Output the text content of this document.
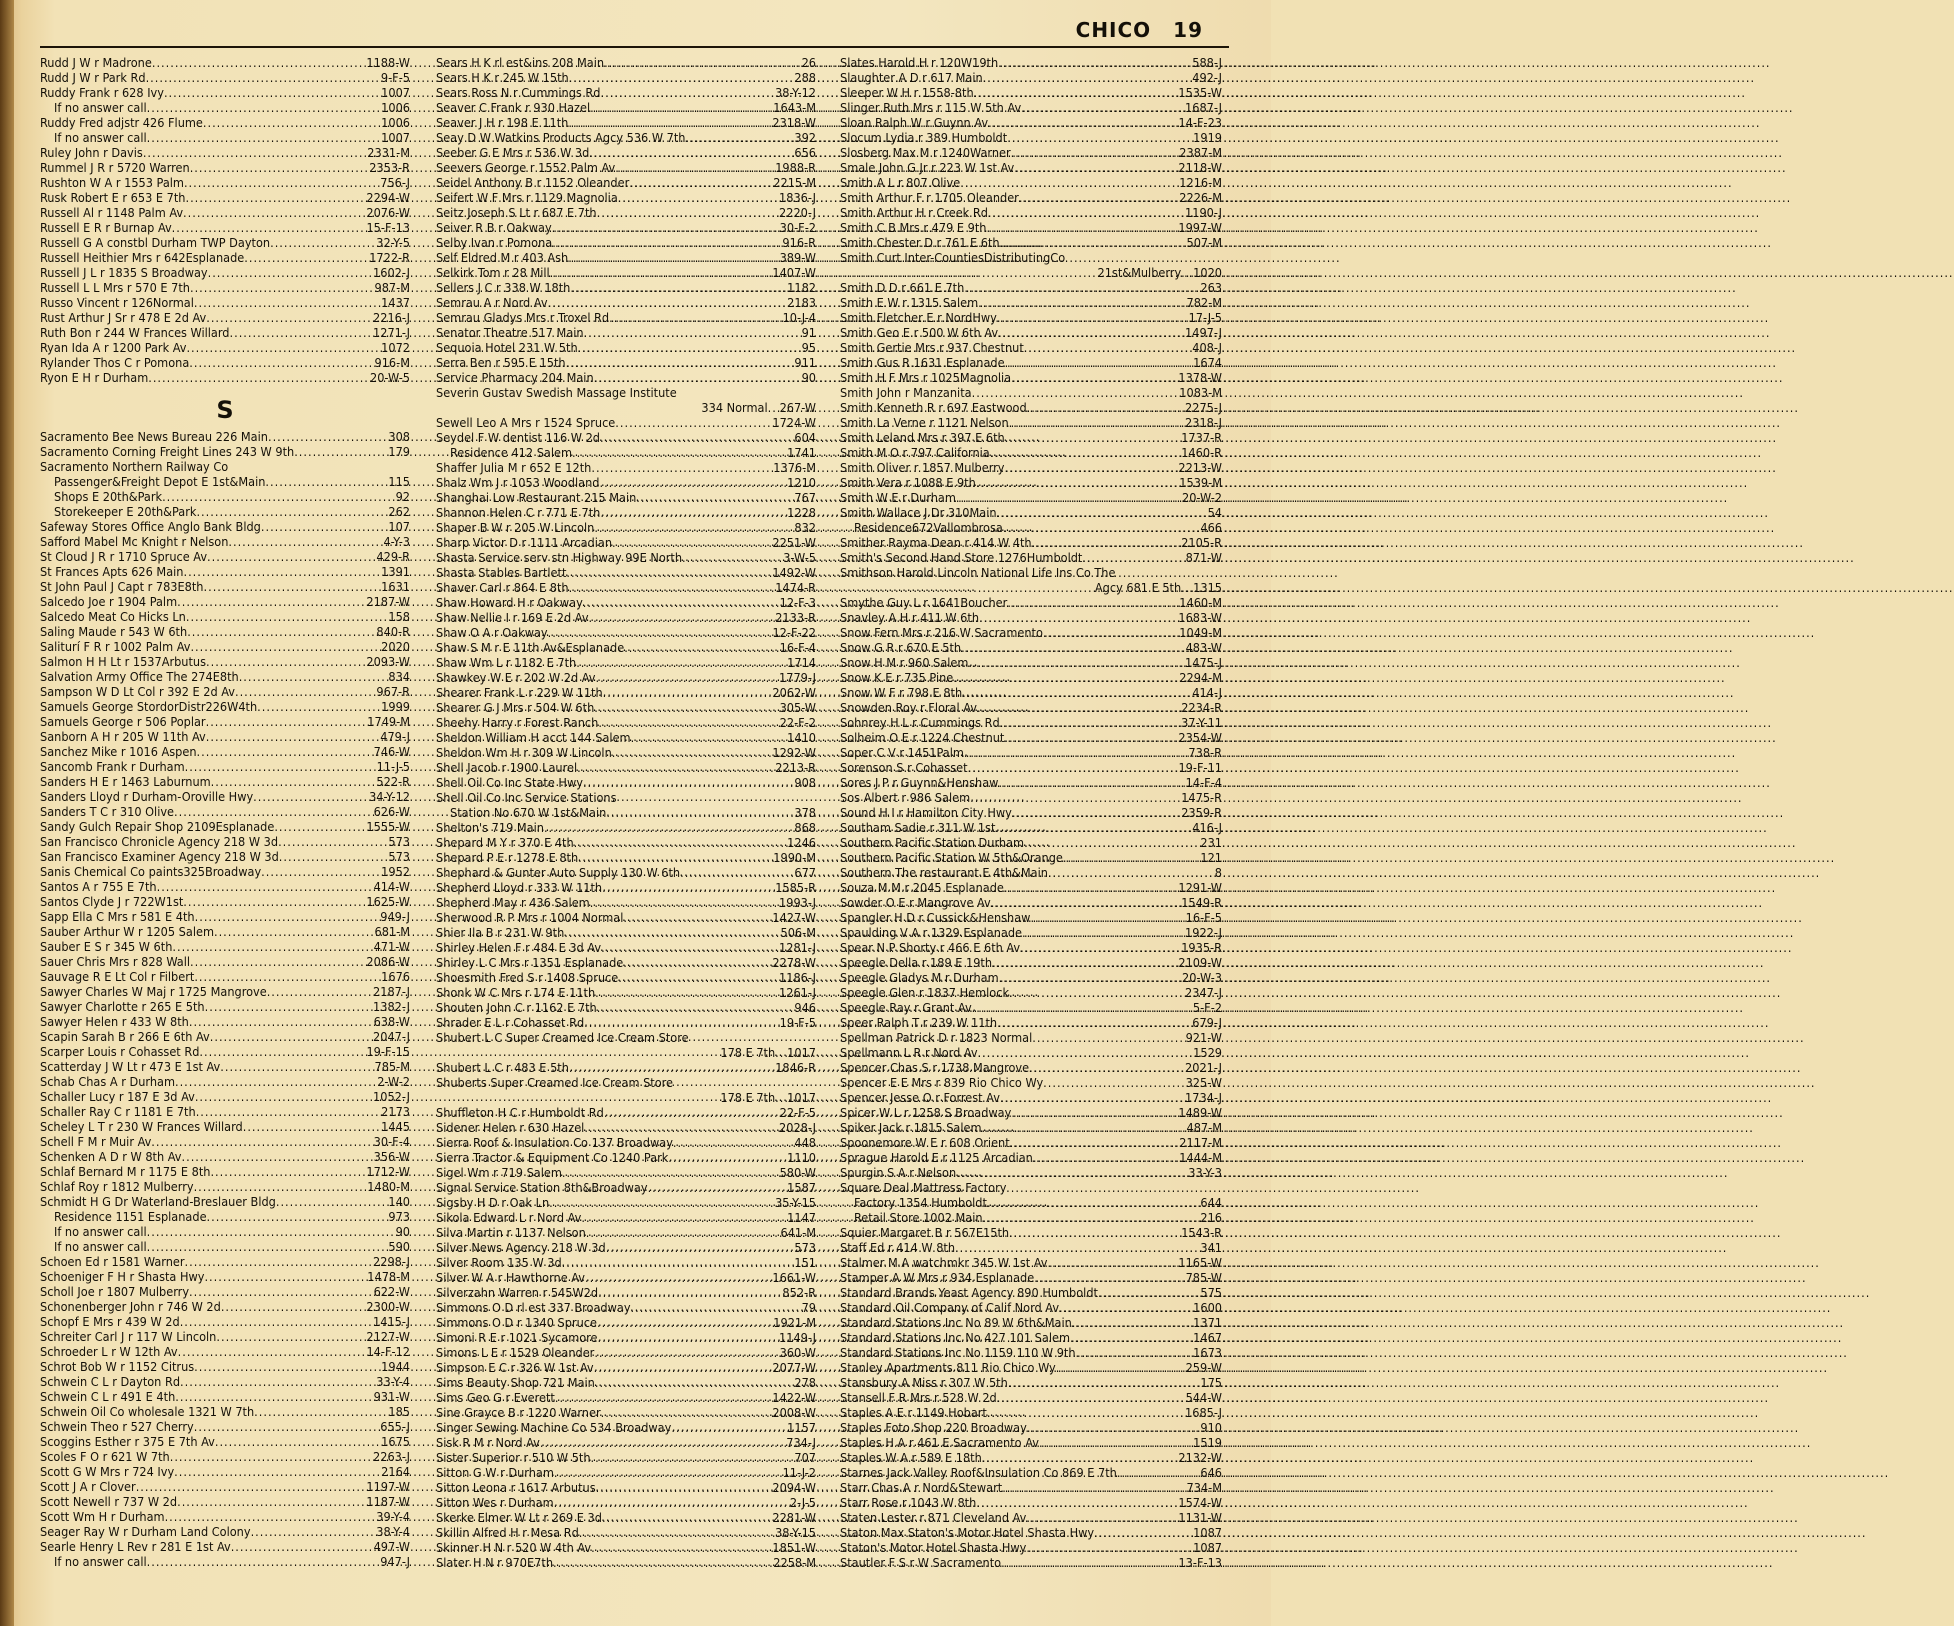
CHICO 19
Rudd J W r Madrone .....	1188-W
Rudd J W r Park Rd .....	9-F-5
Ruddy Frank r 628 Ivy .....	1007
If no answer call .....	1006
Ruddy Fred adjstr 426 Flume .....	1006
If no answer call .....	1007
Ruley John r Davis .....	2331-M
Rummel J R r 5720 Warren .....	2353-R
Rushton W A r 1553 Palm .....	756-J
Rusk Robert E r 653 E 7th .....	2294-W
Russell Al r 1148 Palm Av .....	2076-W
Russell E R r Burnap Av .....	15-F-13
Russell G A constbl Durham TWP Dayton .....	32-Y-5
Russell Heithier Mrs r 642Esplanade .....	1722-R
Russell J L r 1835 S Broadway .....	1602-J
Russell L L Mrs r 570 E 7th .....	987-M
Russo Vincent r 126Normal .....	1437
Rust Arthur J Sr r 478 E 2d Av .....	2216-J
Ruth Bon r 244 W Frances Willard .....	1271-J
Ryan Ida A r 1200 Park Av .....	1072
Rylander Thos C r Pomona .....	916-M
Ryon E H r Durham .....	20-W-5
S
Sacramento Bee News Bureau 226 Main .....	308
Sacramento Corning Freight Lines 243 W 9th .....	179
Sacramento Northern Railway Co
Passenger&Freight Depot E 1st&Main .....	115
Shops E 20th&Park .....	92
Storekeeper E 20th&Park .....	262
Safeway Stores Office Anglo Bank Bldg .....	107
Safford Mabel Mc Knight r Nelson .....	4-Y-3
St Cloud J R r 1710 Spruce Av .....	429-R
St Frances Apts 626 Main .....	1391
St John Paul J Capt r 783E8th .....	1631
Salcedo Joe r 1904 Palm .....	2187-W
Salcedo Meat Co Hicks Ln .....	158
Saling Maude r 543 W 6th .....	840-R
Saliturí F R r 1002 Palm Av .....	2020
Salmon H H Lt r 1537Arbutus .....	2093-W
Salvation Army Office The 274E8th .....	834
Sampson W D Lt Col r 392 E 2d Av .....	967-R
Samuels George StordorDistr226W4th .....	1999
Samuels George r 506 Poplar .....	1749-M
Sanborn A H r 205 W 11th Av .....	479-J
Sanchez Mike r 1016 Aspen .....	746-W
Sancomb Frank r Durham .....	11-J-5
Sanders H E r 1463 Laburnum .....	522-R
Sanders Lloyd r Durham-Oroville Hwy .....	34-Y-12
Sanders T C r 310 Olive .....	626-W
Sandy Gulch Repair Shop 2109Esplanade .....	1555-W
San Francisco Chronicle Agency 218 W 3d .....	573
San Francisco Examiner Agency 218 W 3d .....	573
Sanis Chemical Co paints325Broadway .....	1952
Santos A r 755 E 7th .....	414-W
Santos Clyde J r 722W1st .....	1625-W
Sapp Ella C Mrs r 581 E 4th .....	949-J
Sauber Arthur W r 1205 Salem .....	681-M
Sauber E S r 345 W 6th .....	471-W
Sauer Chris Mrs r 828 Wall .....	2086-W
Sauvage R E Lt Col r Filbert .....	1676
Sawyer Charles W Maj r 1725 Mangrove .....	2187-J
Sawyer Charlotte r 265 E 5th .....	1382-J
Sawyer Helen r 433 W 8th .....	638-W
Scapin Sarah B r 266 E 6th Av .....	2047-J
Scarper Louis r Cohasset Rd .....	19-F-15
Scatterday J W Lt r 473 E 1st Av .....	785-M
Schab Chas A r Durham .....	2-W-2
Schaller Lucy r 187 E 3d Av .....	1052-J
Schaller Ray C r 1181 E 7th .....	2173
Scheley L T r 230 W Frances Willard .....	1445
Schell F M r Muir Av .....	30-F-4
Schenken A D r W 8th Av .....	356-W
Schlaf Bernard M r 1175 E 8th .....	1712-W
Schlaf Roy r 1812 Mulberry .....	1480-M
Schmidt H G Dr Waterland-Breslauer Bldg .....	140
Residence 1151 Esplanade .....	973
If no answer call .....	90
If no answer call .....	590
Schoen Ed r 1581 Warner .....	2298-J
Schoeniger F H r Shasta Hwy .....	1478-M
Scholl Joe r 1807 Mulberry .....	622-W
Schonenberger John r 746 W 2d .....	2300-W
Schopf E Mrs r 439 W 2d .....	1415-J
Schreiter Carl J r 117 W Lincoln .....	2127-W
Schroeder L r W 12th Av .....	14-F-12
Schrot Bob W r 1152 Citrus .....	1944
Schwein C L r Dayton Rd .....	33-Y-4
Schwein C L r 491 E 4th .....	931-W
Schwein Oil Co wholesale 1321 W 7th .....	185
Schwein Theo r 527 Cherry .....	655-J
Scoggins Esther r 375 E 7th Av .....	1675
Scoles F O r 621 W 7th .....	2263-J
Scott G W Mrs r 724 Ivy .....	2164
Scott J A r Clover .....	1197-W
Scott Newell r 737 W 2d .....	1187-W
Scott Wm H r Durham .....	39-Y-4
Seager Ray W r Durham Land Colony .....	38-Y-4
Searle Henry L Rev r 281 E 1st Av .....	497-W
If no answer call .....	947-J
Sears H K rl est&ins 208 Main .....	26
Sears H K r 245 W 15th .....	288
Sears Ross N r Cummings Rd .....	38-Y-12
Seaver C Frank r 930 Hazel .....	1643-M
Seaver J H r 198 E 11th .....	2318-W
Seay D W Watkins Products Agcy 536 W 7th .....	392
Seeber G E Mrs r 536 W 3d .....	656
Seevers George r 1552 Palm Av .....	1988-R
Seidel Anthony B r 1152 Oleander .....	2215-M
Seifert W F Mrs r 1129 Magnolia .....	1836-J
Seitz Joseph S Lt r 687 E 7th .....	2220-J
Seiver R B r Oakway .....	30-F-2
Selby Ivan r Pomona .....	916-R
Self Eldred M r 403 Ash .....	389-W
Selkirk Tom r 28 Mill .....	1407-W
Sellers J C r 338 W 18th .....	1182
Semrau A r Nord Av .....	2183
Semrau Gladys Mrs r Troxel Rd .....	10-J-4
Senator Theatre 517 Main .....	91
Sequoia Hotel 231 W 5th .....	95
Serra Ben r 595 E 15th .....	911
Service Pharmacy 204 Main .....	90
Severin Gustav Swedish Massage Institute
334 Normal ..... 267-W
Sewell Leo A Mrs r 1524 Spruce .....	1724-W
Seydel F W dentist 116 W 2d .....	604
Residence 412 Salem .....	1741
Shaffer Julia M r 652 E 12th .....	1376-M
Shalz Wm J r 1053 Woodland .....	1210
Shanghai Low Restaurant 215 Main .....	767
Shannon Helen C r 771 E 7th .....	1228
Shaper B W r 205 W Lincoln .....	832
Sharp Victor D r 1111 Arcadian .....	2251-W
Shasta Service serv stn Highway 99E North .....	3-W-5
Shasta Stables Bartlett .....	1492-W
Shaver Carl r 864 E 8th .....	1474-R
Shaw Howard H r Oakway .....	12-F-3
Shaw Nellie I r 169 E 2d Av .....	2133-R
Shaw O A r Oakway .....	12-F-22
Shaw S M r E 11th Av&Esplanade .....	16-F-4
Shaw Wm L r 1182 E 7th .....	1714
Shawkey W E r 202 W 2d Av .....	1779-J
Shearer Frank L r 229 W 11th .....	2062-W
Shearer G J Mrs r 504 W 6th .....	305-W
Sheehy Harry r Forest Ranch .....	22-F-2
Sheldon William H acct 144 Salem .....	1410
Sheldon Wm H r 309 W Lincoln .....	1292-W
Shell Jacob r 1900 Laurel .....	2213-R
Shell Oil Co Inc State Hwy .....	908
Shell Oil Co Inc Service Stations
Station No 670 W 1st&Main .....	378
Shelton's 719 Main .....	868
Shepard M Y r 370 E 4th .....	1246
Shepard P E r 1278 E 8th .....	1990-M
Shephard & Gunter Auto Supply 130 W 6th .....	677
Shepherd Lloyd r 333 W 11th .....	1585-R
Shepherd May r 436 Salem .....	1993-J
Sherwood R P Mrs r 1004 Normal .....	1427-W
Shier Ila B r 231 W 9th .....	506-M
Shirley Helen F r 484 E 3d Av .....	1281-J
Shirley L C Mrs r 1351 Esplanade .....	2278-W
Shoesmith Fred S r 1408 Spruce .....	1186-J
Shonk W C Mrs r 174 E 11th .....	1261-J
Shouten John C r 1162 E 7th .....	946
Shrader E L r Cohasset Rd .....	19-F-5
Shubert L C Super Creamed Ice Cream Store
178 E 7th ..... 1017
Shubert L C r 483 E 5th .....	1846-R
Shuberts Super Creamed Ice Cream Store
178 E 7th ..... 1017
Shuffleton H C r Humboldt Rd .....	22-F-5
Sidener Helen r 630 Hazel .....	2028-J
Sierra Roof & Insulation Co 137 Broadway .....	448
Sierra Tractor & Equipment Co 1240 Park .....	1110
Sigel Wm r 719 Salem .....	580-W
Signal Service Station 8th&Broadway .....	1587
Sigsby H D r Oak Ln .....	35-Y-15
Sikola Edward L r Nord Av .....	1147
Silva Martin r 1137 Nelson .....	641-M
Silver News Agency 218 W 3d .....	573
Silver Room 135 W 3d .....	151
Silver W A r Hawthorne Av .....	1661-W
Silverzahn Warren r 545W2d .....	852-R
Simmons O D rl est 337 Broadway .....	79
Simmons O D r 1340 Spruce .....	1921-M
Simoni R E r 1021 Sycamore .....	1149-J
Simons L E r 1529 Oleander .....	360-W
Simpson E C r 326 W 1st Av .....	2077-W
Sims Beauty Shop 721 Main .....	278
Sims Geo G r Everett .....	1422-W
Sine Grayce B r 1220 Warner .....	2008-W
Singer Sewing Machine Co 534 Broadway .....	1157
Sisk R M r Nord Av .....	734-J
Sister Superior r 510 W 5th .....	707
Sitton G W r Durham .....	11-J-2
Sitton Leona r 1617 Arbutus .....	2094-W
Sitton Wes r Durham .....	2-J-5
Skerke Elmer W Lt r 269 E 3d .....	2281-W
Skillin Alfred H r Mesa Rd .....	38-Y-15
Skinner H N r 520 W 4th Av .....	1851-W
Slater H N r 970E7th .....	2258-M
Slates Harold H r 120W19th .....	588-J
Slaughter A D r 617 Main .....	492-J
Sleeper W H r 1558-8th .....	1535-W
Slinger Ruth Mrs r 115 W 5th Av .....	1687-J
Sloan Ralph W r Guynn Av .....	14-F-23
Slocum Lydia r 389 Humboldt .....	1919
Slosberg Max M r 1240Warner .....	2387-M
Smale John G Jr r 223 W 1st Av .....	2118-W
Smith A L r 807 Olive .....	1216-M
Smith Arthur F r 1705 Oleander .....	2226-M
Smith Arthur H r Creek Rd .....	1190-J
Smith C B Mrs r 479 E 9th .....	1997-W
Smith Chester D r 761 E 6th .....	507-M
Smith Curt Inter-CountiesDistributingCo
21st&Mulberry ..... 1020
Smith D D r 661 E 7th .....	263
Smith E W r 1315 Salem .....	782-M
Smith Fletcher E r NordHwy .....	17-J-5
Smith Geo E r 500 W 6th Av .....	1497-J
Smith Gertie Mrs r 937 Chestnut .....	408-J
Smith Gus R 1631 Esplanade .....	1674
Smith H F Mrs r 1025Magnolia .....	1378-W
Smith John r Manzanita .....	1083-M
Smith Kenneth R r 697 Eastwood .....	2275-J
Smith La Verne r 1121 Nelson .....	2318-J
Smith Leland Mrs r 397 E 6th .....	1737-R
Smith M O r 797 California .....	1460-R
Smith Oliver r 1857 Mulberry .....	2213-W
Smith Vera r 1088 E 9th .....	1539-M
Smith W E r Durham .....	20-W-2
Smith Wallace J Dr 310Main .....	54
Residence672Vallombrosa .....	466
Smither Rayma Dean r 414 W 4th .....	2105-R
Smith's Second Hand Store 1276Humboldt .....	871-W
Smithson Harold Lincoln National Life Ins Co The
Agcy 681 E 5th ..... 1315
Smythe Guy L r 1641Boucher .....	1460-M
Snavley A H r 411 W 6th .....	1683-W
Snow Fern Mrs r 216 W Sacramento .....	1049-M
Snow G R r 670 E 5th .....	483-W
Snow H M r 960 Salem .....	1475-J
Snow K E r 735 Pine .....	2294-M
Snow W F r 798 E 8th .....	414-J
Snowden Roy r Floral Av .....	2234-R
Sohnrey H L r Cummings Rd .....	37-Y-11
Solheim O E r 1224 Chestnut .....	2354-W
Soper C V r 1451Palm .....	738-R
Sorenson S r Cohasset .....	19-F-11
Sores J P r Guynn&Henshaw .....	14-F-4
Sos Albert r 986 Salem .....	1475-R
Sound H I r Hamilton City Hwy .....	2359-R
Southam Sadie r 311 W 1st .....	416-J
Southern Pacific Station Durham .....	231
Southern Pacific Station W 5th&Orange .....	121
Southern The restaurant E 4th&Main .....	8
Souza M M r 2045 Esplanade .....	1291-W
Sowder O E r Mangrove Av .....	1549-R
Spangler H D r Cussick&Henshaw .....	16-F-5
Spaulding V A r 1329 Esplanade .....	1922-J
Spear N P Shorty r 466 E 6th Av .....	1935-R
Speegle Della r 189 E 19th .....	2109-W
Speegle Gladys M r Durham .....	20-W-3
Speegle Glen r 1837 Hemlock .....	2347-J
Speegle Ray r Grant Av .....	5-F-2
Speer Ralph T r 239 W 11th .....	679-J
Spellman Patrick D r 1823 Normal .....	921-W
Spellmann L R r Nord Av .....	1529
Spencer Chas S r 1738 Mangrove .....	2021-J
Spencer E E Mrs r 839 Rio Chico Wy .....	325-W
Spencer Jesse O r Forrest Av .....	1734-J
Spicer W L r 1258 S Broadway .....	1489-W
Spiker Jack r 1815 Salem .....	487-M
Spoonemore W E r 608 Orient .....	2117-M
Sprague Harold E r 1125 Arcadian .....	1444-M
Spurgin S A r Nelson .....	33-Y-3
Square Deal Mattress Factory
Factory 1354 Humboldt .....	644
Retail Store 1002 Main .....	216
Squier Margaret B r 567E15th .....	1543-R
Staff Ed r 414 W 8th .....	341
Stalmer M A watchmkr 345 W 1st Av .....	1165-W
Stamper A W Mrs r 934 Esplanade .....	785-W
Standard Brands Yeast Agency 890 Humboldt .....	575
Standard Oil Company of Calif Nord Av .....	1600
Standard Stations Inc No 89 W 6th&Main .....	1371
Standard Stations Inc No 427 101 Salem .....	1467
Standard Stations Inc No 1159 110 W 9th .....	1673
Stanley Apartments 811 Rio Chico Wy .....	259-W
Stansbury A Miss r 307 W 5th .....	175
Stansell F R Mrs r 528 W 2d .....	544-W
Staples A E r 1149 Hobart .....	1685-J
Staples Foto Shop 220 Broadway .....	910
Staples H A r 461 E Sacramento Av .....	1519
Staples W A r 589 E 18th .....	2132-W
Starnes Jack Valley Roof&Insulation Co 869 E 7th .....	646
Starr Chas A r Nord&Stewart .....	734-M
Starr Rose r 1043 W 8th .....	1574-W
Staten Lester r 871 Cleveland Av .....	1131-W
Staton Max Staton's Motor Hotel Shasta Hwy .....	1087
Staton's Motor Hotel Shasta Hwy .....	1087
Stautler F S r W Sacramento .....	13-F-13
